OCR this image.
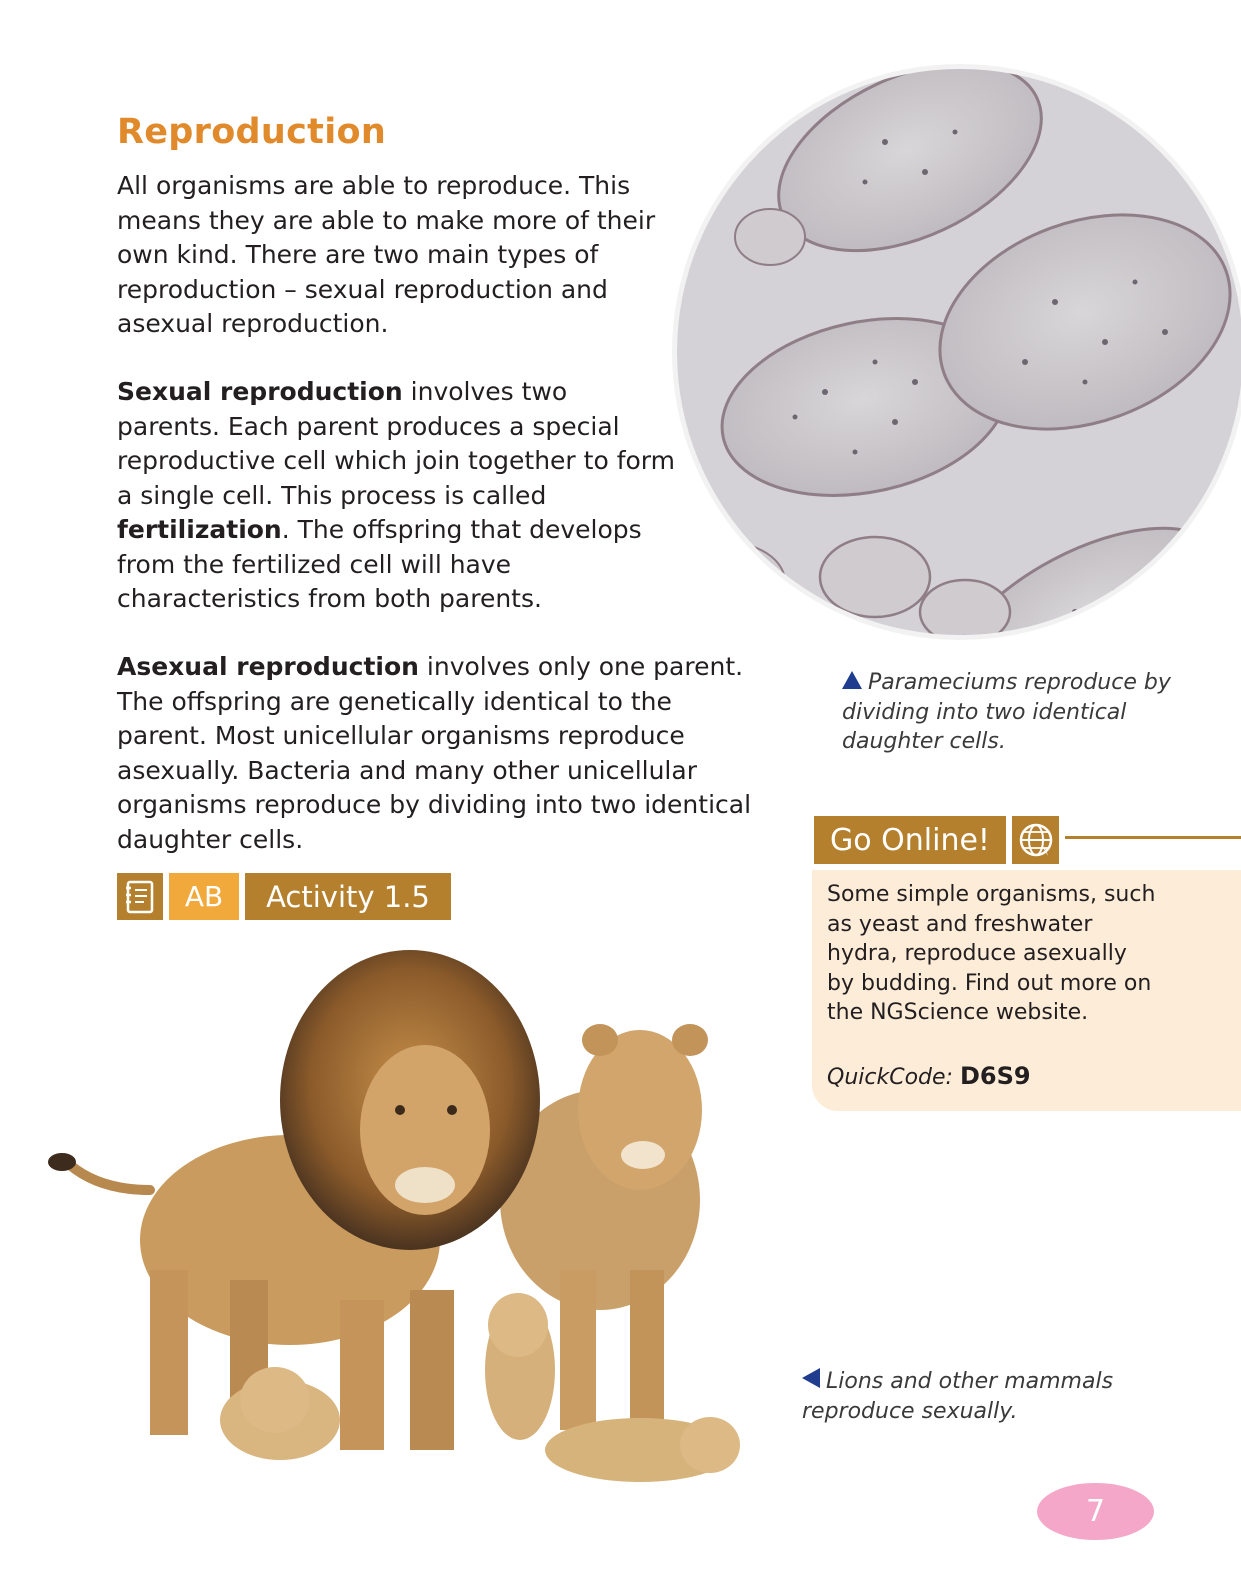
Reproduction

All organisms are able to reproduce. This means they are able to make more of their own kind. There are two main types of reproduction – sexual reproduction and asexual reproduction.

Sexual reproduction involves two parents. Each parent produces a special reproductive cell which join together to form a single cell. This process is called fertilization. The offspring that develops from the fertilized cell will have characteristics from both parents.

Asexual reproduction involves only one parent. The offspring are genetically identical to the parent. Most unicellular organisms reproduce asexually. Bacteria and many other unicellular organisms reproduce by dividing into two identical daughter cells.

AB	Activity 1.5

Parameciums reproduce by dividing into two identical daughter cells.

Go Online!

Some simple organisms, such as yeast and freshwater hydra, reproduce asexually by budding. Find out more on the NGScience website.

QuickCode: D6S9

Lions and other mammals reproduce sexually.

7
